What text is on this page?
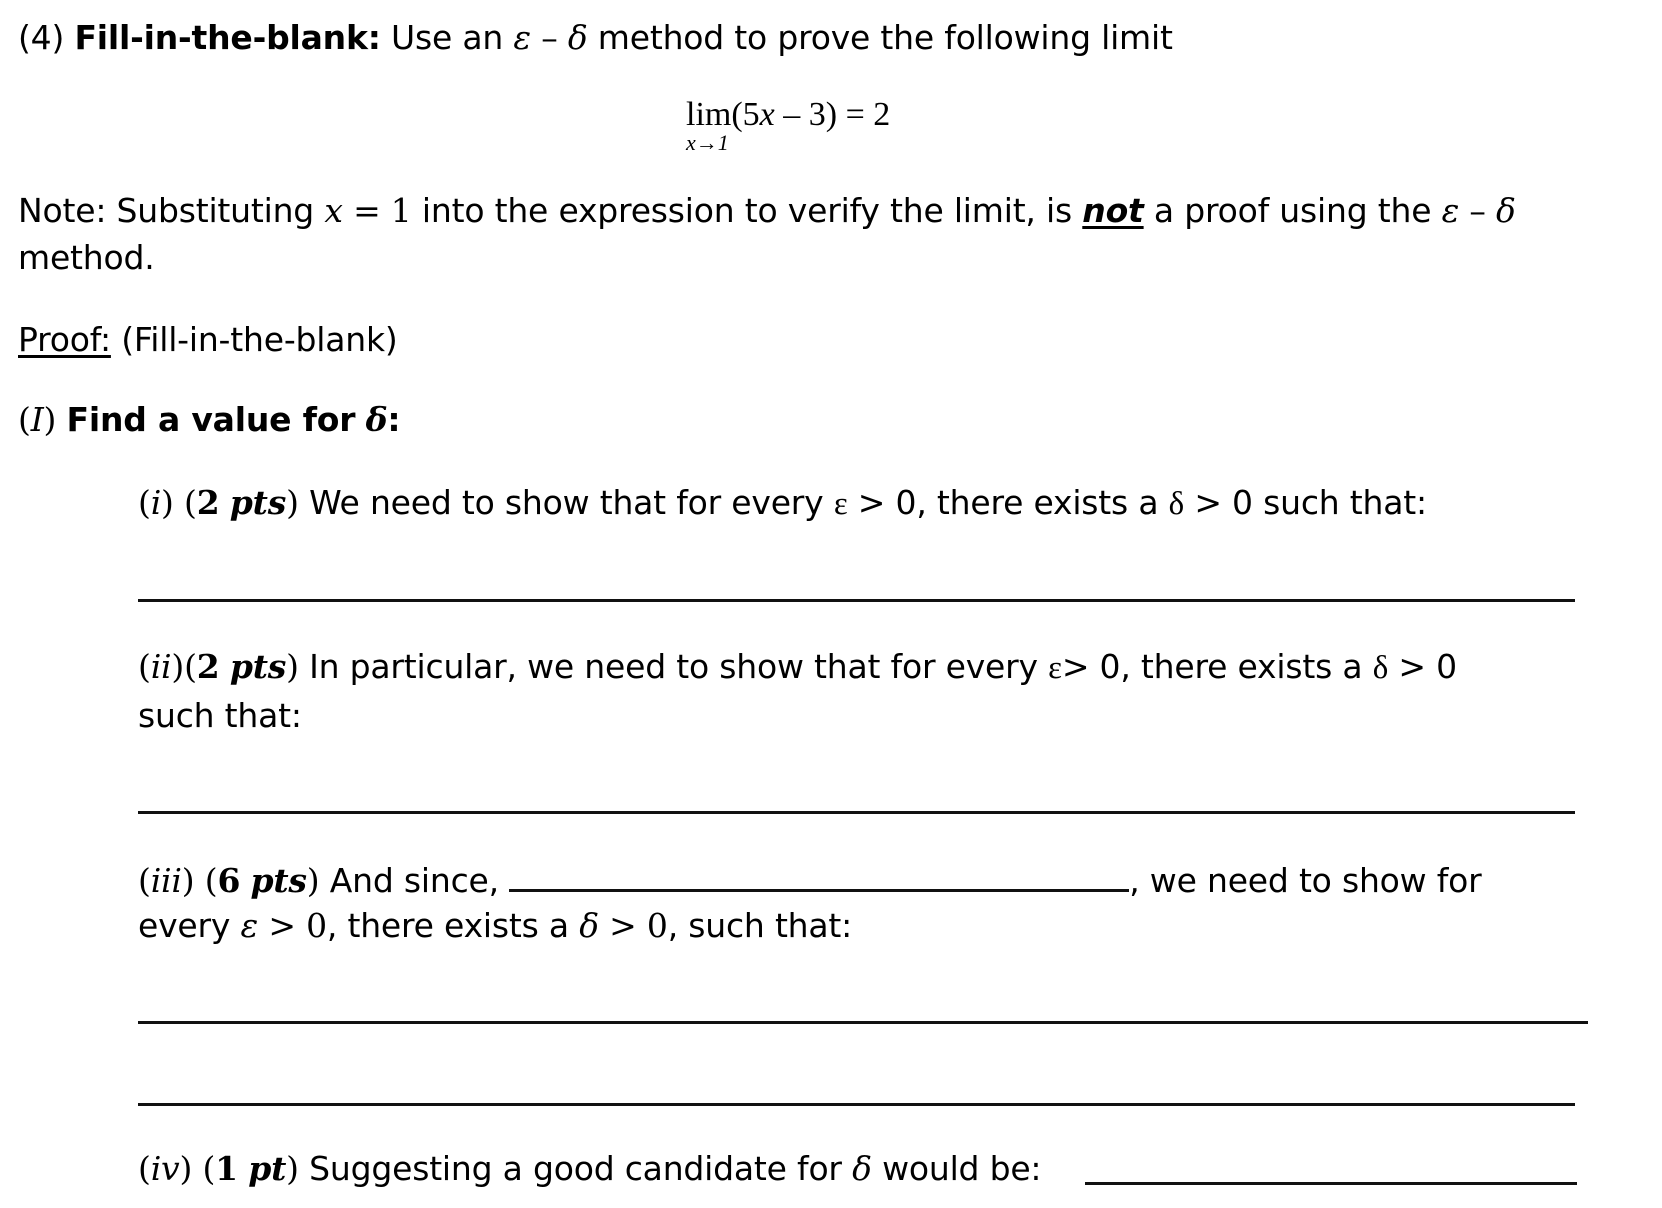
(4) Fill-in-the-blank: Use an ε – δ method to prove the following limit
lim
x→1
(5x – 3) = 2
Note: Substituting x = 1 into the expression to verify the limit, is not a proof using the ε – δ
method.
Proof: (Fill-in-the-blank)
(I) Find a value for δ:
(i) (2 pts) We need to show that for every ε > 0, there exists a δ > 0 such that:
(ii)(2 pts) In particular, we need to show that for every ε> 0, there exists a δ > 0
such that:
(iii) (6 pts) And since,	, we need to show for
every ε > 0, there exists a δ > 0, such that:
(iv) (1 pt) Suggesting a good candidate for δ would be:
